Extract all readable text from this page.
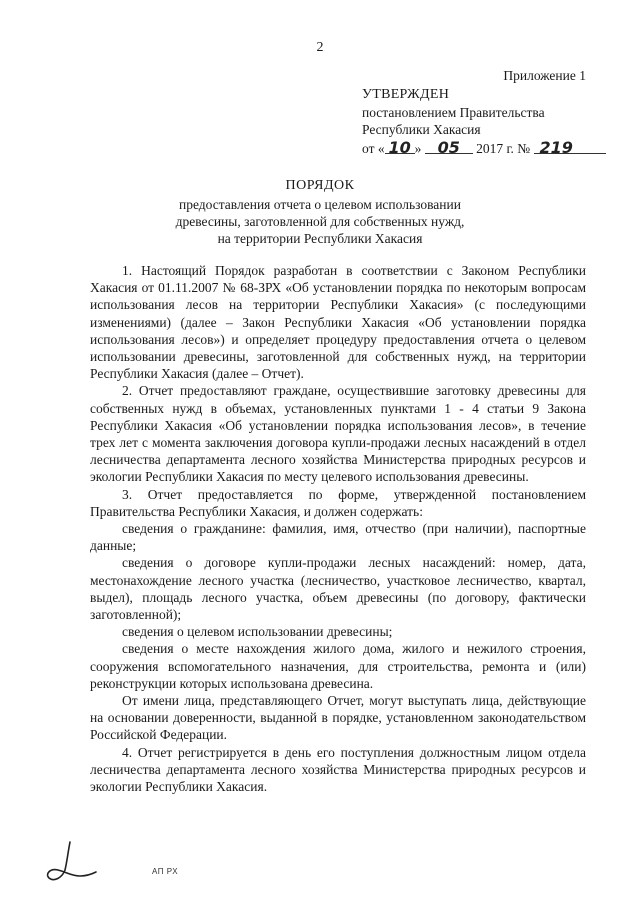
2
Приложение 1
УТВЕРЖДЕН
постановлением Правительства
Республики Хакасия
от « 10 » 05 2017 г. № 219
ПОРЯДОК
предоставления отчета о целевом использовании
древесины, заготовленной для собственных нужд,
на территории Республики Хакасия

1. Настоящий Порядок разработан в соответствии с Законом Республики Хакасия от 01.11.2007 № 68-ЗРХ «Об установлении порядка по некоторым вопросам использования лесов на территории Республики Хакасия» (с последующими изменениями) (далее – Закон Республики Хакасия «Об установлении порядка использования лесов») и определяет процедуру предоставления отчета о целевом использовании древесины, заготовленной для собственных нужд, на территории Республики Хакасия (далее – Отчет).

2. Отчет предоставляют граждане, осуществившие заготовку древесины для собственных нужд в объемах, установленных пунктами 1 - 4 статьи 9 Закона Республики Хакасия «Об установлении порядка использования лесов», в течение трех лет с момента заключения договора купли-продажи лесных насаждений в отдел лесничества департамента лесного хозяйства Министерства природных ресурсов и экологии Республики Хакасия по месту целевого использования древесины.

3. Отчет предоставляется по форме, утвержденной постановлением Правительства Республики Хакасия, и должен содержать:

сведения о гражданине: фамилия, имя, отчество (при наличии), паспортные данные;

сведения о договоре купли-продажи лесных насаждений: номер, дата, местонахождение лесного участка (лесничество, участковое лесничество, квартал, выдел), площадь лесного участка, объем древесины (по договору, фактически заготовленной);

сведения о целевом использовании древесины;

сведения о месте нахождения жилого дома, жилого и нежилого строения, сооружения вспомогательного назначения, для строительства, ремонта и (или) реконструкции которых использована древесина.

От имени лица, представляющего Отчет, могут выступать лица, действующие на основании доверенности, выданной в порядке, установленном законодательством Российской Федерации.

4. Отчет регистрируется в день его поступления должностным лицом отдела лесничества департамента лесного хозяйства Министерства природных ресурсов и экологии Республики Хакасия.

АП РХ
